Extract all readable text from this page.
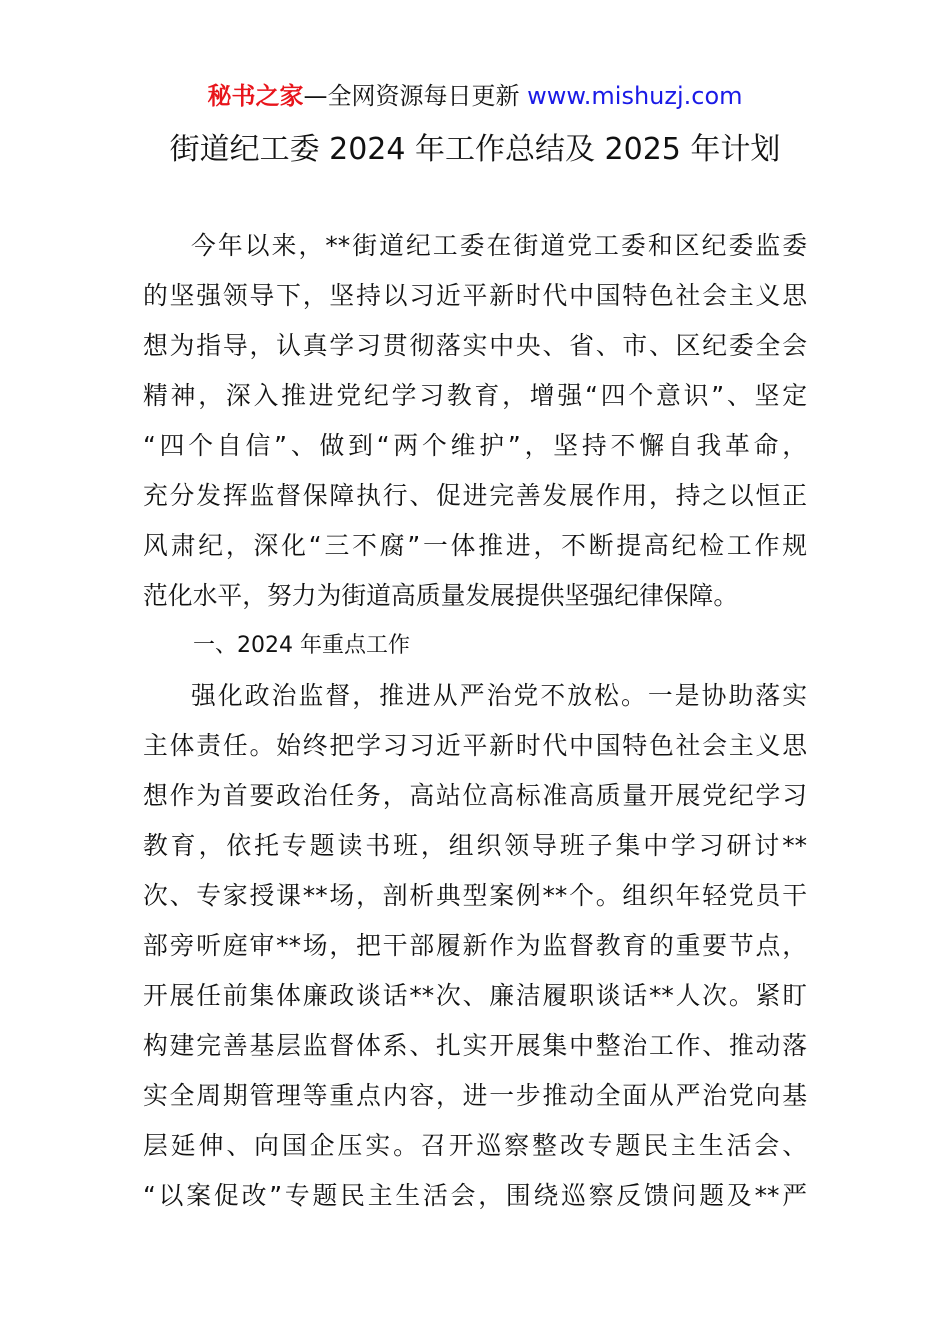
秘书之家—全网资源每日更新 www.mishuzj.com
街道纪工委 2024 年工作总结及 2025 年计划
今年以来，**街道纪工委在街道党工委和区纪委监委
的坚强领导下，坚持以习近平新时代中国特色社会主义思
想为指导，认真学习贯彻落实中央、省、市、区纪委全会
精神，深入推进党纪学习教育，增强“四个意识”、坚定
“四个自信”、做到“两个维护”，坚持不懈自我革命，
充分发挥监督保障执行、促进完善发展作用，持之以恒正
风肃纪，深化“三不腐”一体推进，不断提高纪检工作规
范化水平，努力为街道高质量发展提供坚强纪律保障。
一、2024 年重点工作
强化政治监督，推进从严治党不放松。一是协助落实
主体责任。始终把学习习近平新时代中国特色社会主义思
想作为首要政治任务，高站位高标准高质量开展党纪学习
教育，依托专题读书班，组织领导班子集中学习研讨**
次、专家授课**场，剖析典型案例**个。组织年轻党员干
部旁听庭审**场，把干部履新作为监督教育的重要节点，
开展任前集体廉政谈话**次、廉洁履职谈话**人次。紧盯
构建完善基层监督体系、扎实开展集中整治工作、推动落
实全周期管理等重点内容，进一步推动全面从严治党向基
层延伸、向国企压实。召开巡察整改专题民主生活会、
“以案促改”专题民主生活会，围绕巡察反馈问题及**严
